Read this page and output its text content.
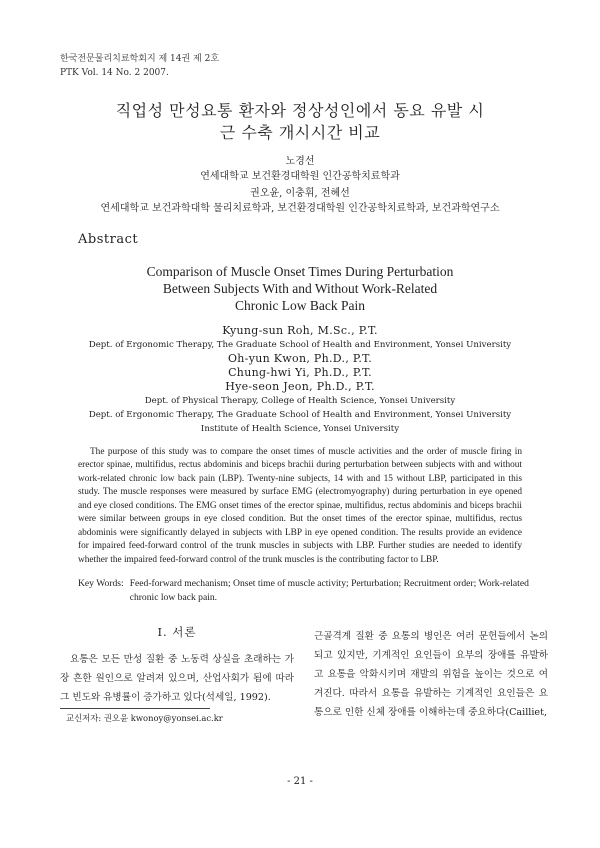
한국전문물리치료학회지 제 14권 제 2호
PTK Vol. 14 No. 2 2007.
직업성 만성요통 환자와 정상성인에서 동요 유발 시
근 수축 개시시간 비교
노경선
연세대학교 보건환경대학원 인간공학치료학과
권오윤, 이충휘, 전혜선
연세대학교 보건과학대학 물리치료학과, 보건환경대학원 인간공학치료학과, 보건과학연구소
Abstract
Comparison of Muscle Onset Times During Perturbation
Between Subjects With and Without Work-Related
Chronic Low Back Pain
Kyung-sun Roh, M.Sc., P.T.
Dept. of Ergonomic Therapy, The Graduate School of Health and Environment, Yonsei University
Oh-yun Kwon, Ph.D., P.T.
Chung-hwi Yi, Ph.D., P.T.
Hye-seon Jeon, Ph.D., P.T.
Dept. of Physical Therapy, College of Health Science, Yonsei University
Dept. of Ergonomic Therapy, The Graduate School of Health and Environment, Yonsei University
Institute of Health Science, Yonsei University

The purpose of this study was to compare the onset times of muscle activities and the order of muscle firing in erector spinae, multifidus, rectus abdominis and biceps brachii during perturbation between subjects with and without work-related chronic low back pain (LBP). Twenty-nine subjects, 14 with and 15 without LBP, participated in this study. The muscle responses were measured by surface EMG (electromyography) during perturbation in eye opened and eye closed conditions. The EMG onset times of the erector spinae, multifidus, rectus abdominis and biceps brachii were similar between groups in eye closed condition. But the onset times of the erector spinae, multifidus, rectus abdominis were significantly delayed in subjects with LBP in eye opened condition. The results provide an evidence for impaired feed-forward control of the trunk muscles in subjects with LBP. Further studies are needed to identify whether the impaired feed-forward control of the trunk muscles is the contributing factor to LBP.

Key Words: Feed-forward mechanism; Onset time of muscle activity; Perturbation; Recruitment order; Work-related chronic low back pain.
Ⅰ. 서론

요통은 모든 만성 질환 중 노동력 상실을 초래하는 가장 흔한 원인으로 알려져 있으며, 산업사회가 됨에 따라 그 빈도와 유병률이 증가하고 있다(석세일, 1992).

근골격계 질환 중 요통의 병인은 여러 문헌들에서 논의되고 있지만, 기계적인 요인들이 요부의 장애를 유발하고 요통을 악화시키며 재발의 위험을 높이는 것으로 여겨진다. 따라서 요통을 유발하는 기계적인 요인들은 요통으로 인한 신체 장애를 이해하는데 중요하다(Cailliet,

교신저자: 권오윤 kwonoy@yonsei.ac.kr
- 21 -
